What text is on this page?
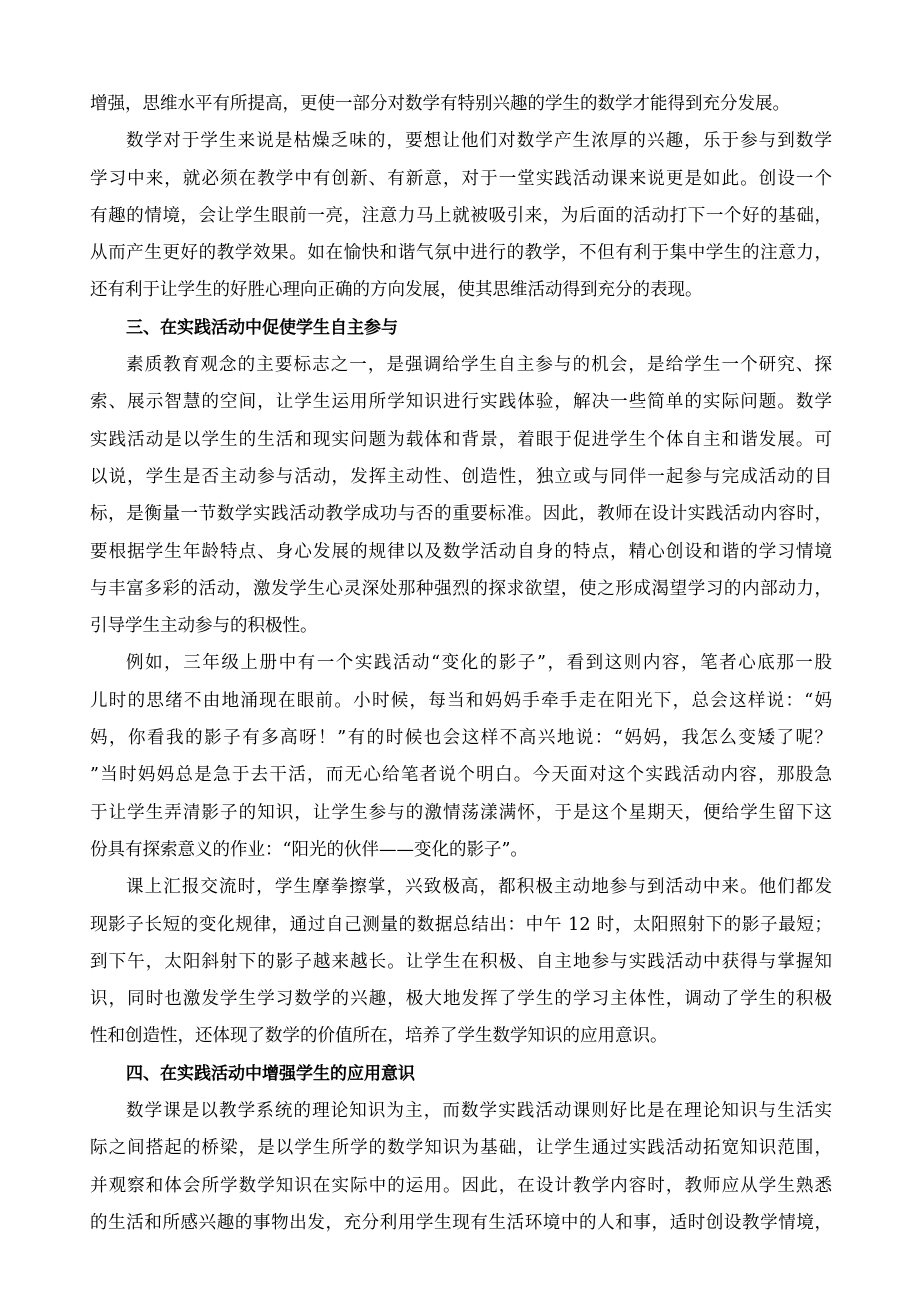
增强，思维水平有所提高，更使一部分对数学有特别兴趣的学生的数学才能得到充分发展。
数学对于学生来说是枯燥乏味的，要想让他们对数学产生浓厚的兴趣，乐于参与到数学
学习中来，就必须在教学中有创新、有新意，对于一堂实践活动课来说更是如此。创设一个
有趣的情境，会让学生眼前一亮，注意力马上就被吸引来，为后面的活动打下一个好的基础，
从而产生更好的教学效果。如在愉快和谐气氛中进行的教学，不但有利于集中学生的注意力，
还有利于让学生的好胜心理向正确的方向发展，使其思维活动得到充分的表现。
三、在实践活动中促使学生自主参与
素质教育观念的主要标志之一，是强调给学生自主参与的机会，是给学生一个研究、探
索、展示智慧的空间，让学生运用所学知识进行实践体验，解决一些简单的实际问题。数学
实践活动是以学生的生活和现实问题为载体和背景，着眼于促进学生个体自主和谐发展。可
以说，学生是否主动参与活动，发挥主动性、创造性，独立或与同伴一起参与完成活动的目
标，是衡量一节数学实践活动教学成功与否的重要标准。因此，教师在设计实践活动内容时，
要根据学生年龄特点、身心发展的规律以及数学活动自身的特点，精心创设和谐的学习情境
与丰富多彩的活动，激发学生心灵深处那种强烈的探求欲望，使之形成渴望学习的内部动力，
引导学生主动参与的积极性。
例如，三年级上册中有一个实践活动“变化的影子”，看到这则内容，笔者心底那一股
儿时的思绪不由地涌现在眼前。小时候，每当和妈妈手牵手走在阳光下，总会这样说：“妈
妈，你看我的影子有多高呀！”有的时候也会这样不高兴地说：“妈妈，我怎么变矮了呢？
”当时妈妈总是急于去干活，而无心给笔者说个明白。今天面对这个实践活动内容，那股急
于让学生弄清影子的知识，让学生参与的激情荡漾满怀，于是这个星期天，便给学生留下这
份具有探索意义的作业：“阳光的伙伴——变化的影子”。
课上汇报交流时，学生摩拳擦掌，兴致极高，都积极主动地参与到活动中来。他们都发
现影子长短的变化规律，通过自己测量的数据总结出：中午 12 时，太阳照射下的影子最短；
到下午，太阳斜射下的影子越来越长。让学生在积极、自主地参与实践活动中获得与掌握知
识，同时也激发学生学习数学的兴趣，极大地发挥了学生的学习主体性，调动了学生的积极
性和创造性，还体现了数学的价值所在，培养了学生数学知识的应用意识。
四、在实践活动中增强学生的应用意识
数学课是以教学系统的理论知识为主，而数学实践活动课则好比是在理论知识与生活实
际之间搭起的桥梁，是以学生所学的数学知识为基础，让学生通过实践活动拓宽知识范围，
并观察和体会所学数学知识在实际中的运用。因此，在设计教学内容时，教师应从学生熟悉
的生活和所感兴趣的事物出发，充分利用学生现有生活环境中的人和事，适时创设教学情境，
